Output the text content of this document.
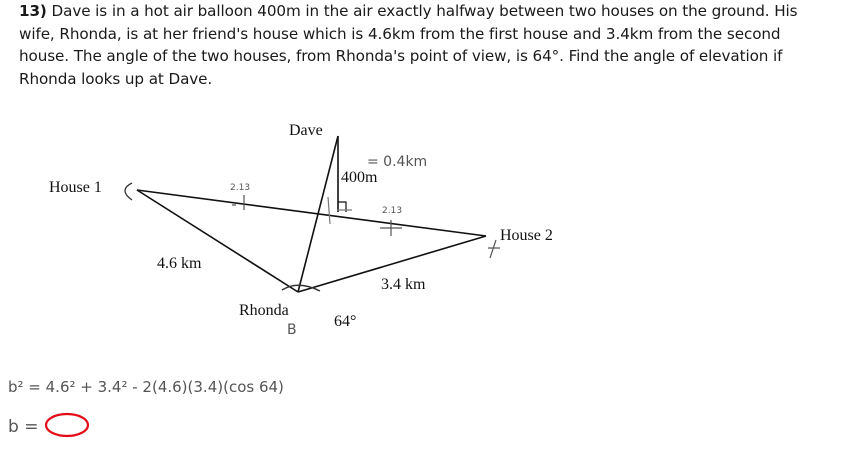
13) Dave is in a hot air balloon 400m in the air exactly halfway between two houses on the ground. His wife, Rhonda, is at her friend's house which is 4.6km from the first house and 3.4km from the second house. The angle of the two houses, from Rhonda's point of view, is 64°. Find the angle of elevation if Rhonda looks up at Dave.

Dave
House 1
House 2
Rhonda
400m
4.6 km
3.4 km
64°
= 0.4km
2.13
2.13
B
b² = 4.6² + 3.4² - 2(4.6)(3.4)(cos 64)
b =
